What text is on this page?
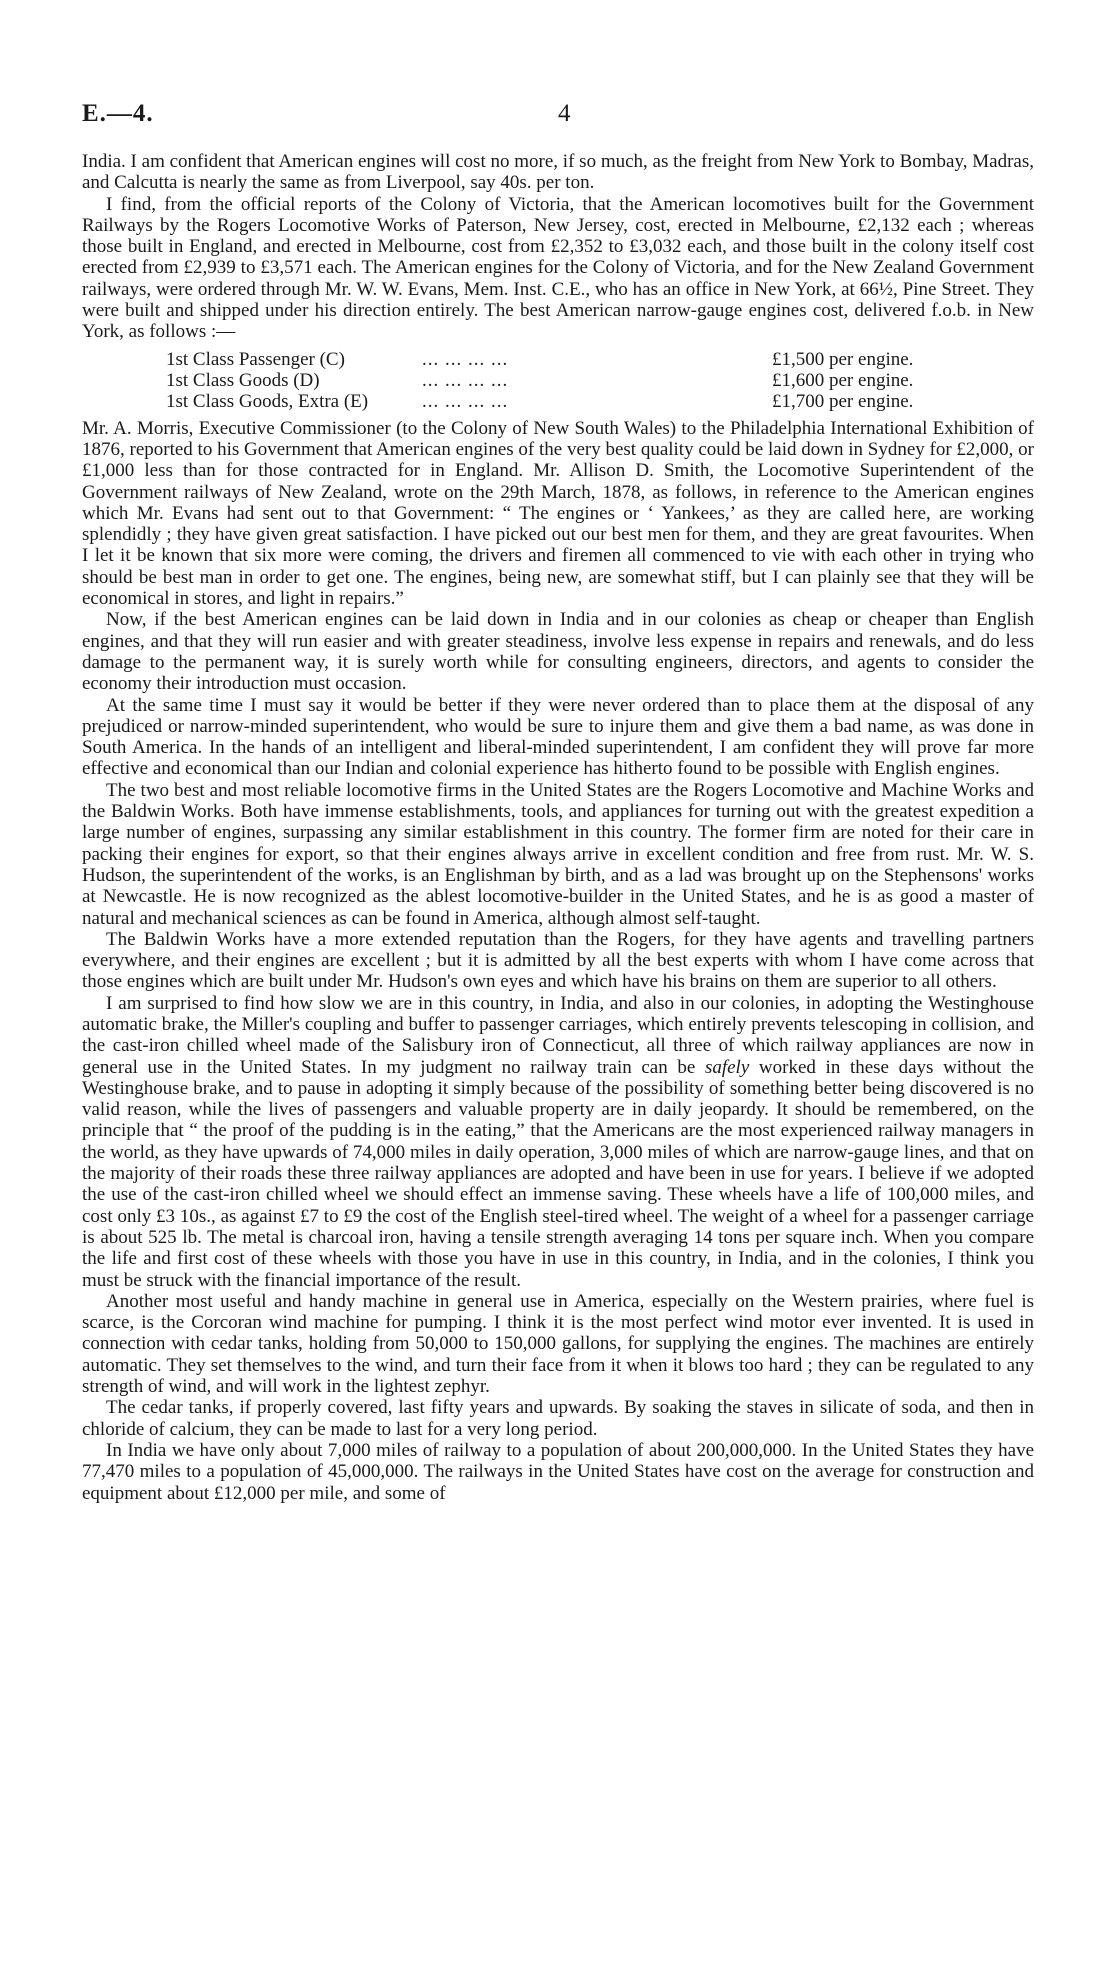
E.—4.	4

India. I am confident that American engines will cost no more, if so much, as the freight from New York to Bombay, Madras, and Calcutta is nearly the same as from Liverpool, say 40s. per ton.

I find, from the official reports of the Colony of Victoria, that the American locomotives built for the Government Railways by the Rogers Locomotive Works of Paterson, New Jersey, cost, erected in Melbourne, £2,132 each ; whereas those built in England, and erected in Melbourne, cost from £2,352 to £3,032 each, and those built in the colony itself cost erected from £2,939 to £3,571 each. The American engines for the Colony of Victoria, and for the New Zealand Government railways, were ordered through Mr. W. W. Evans, Mem. Inst. C.E., who has an office in New York, at 66½, Pine Street. They were built and shipped under his direction entirely. The best American narrow-gauge engines cost, delivered f.o.b. in New York, as follows :—

1st Class Passenger (C)	... ... ... ...	£1,500 per engine.
1st Class Goods (D)	... ... ... ...	£1,600 per engine.
1st Class Goods, Extra (E)	... ... ... ...	£1,700 per engine.

Mr. A. Morris, Executive Commissioner (to the Colony of New South Wales) to the Philadelphia International Exhibition of 1876, reported to his Government that American engines of the very best quality could be laid down in Sydney for £2,000, or £1,000 less than for those contracted for in England. Mr. Allison D. Smith, the Locomotive Superintendent of the Government railways of New Zealand, wrote on the 29th March, 1878, as follows, in reference to the American engines which Mr. Evans had sent out to that Government: “ The engines or ‘ Yankees,’ as they are called here, are working splendidly ; they have given great satisfaction. I have picked out our best men for them, and they are great favourites. When I let it be known that six more were coming, the drivers and firemen all commenced to vie with each other in trying who should be best man in order to get one. The engines, being new, are somewhat stiff, but I can plainly see that they will be economical in stores, and light in repairs.”

Now, if the best American engines can be laid down in India and in our colonies as cheap or cheaper than English engines, and that they will run easier and with greater steadiness, involve less expense in repairs and renewals, and do less damage to the permanent way, it is surely worth while for consulting engineers, directors, and agents to consider the economy their introduction must occasion.

At the same time I must say it would be better if they were never ordered than to place them at the disposal of any prejudiced or narrow-minded superintendent, who would be sure to injure them and give them a bad name, as was done in South America. In the hands of an intelligent and liberal-minded superintendent, I am confident they will prove far more effective and economical than our Indian and colonial experience has hitherto found to be possible with English engines.

The two best and most reliable locomotive firms in the United States are the Rogers Locomotive and Machine Works and the Baldwin Works. Both have immense establishments, tools, and appliances for turning out with the greatest expedition a large number of engines, surpassing any similar establishment in this country. The former firm are noted for their care in packing their engines for export, so that their engines always arrive in excellent condition and free from rust. Mr. W. S. Hudson, the superintendent of the works, is an Englishman by birth, and as a lad was brought up on the Stephensons' works at Newcastle. He is now recognized as the ablest locomotive-builder in the United States, and he is as good a master of natural and mechanical sciences as can be found in America, although almost self-taught.

The Baldwin Works have a more extended reputation than the Rogers, for they have agents and travelling partners everywhere, and their engines are excellent ; but it is admitted by all the best experts with whom I have come across that those engines which are built under Mr. Hudson's own eyes and which have his brains on them are superior to all others.

I am surprised to find how slow we are in this country, in India, and also in our colonies, in adopting the Westinghouse automatic brake, the Miller's coupling and buffer to passenger carriages, which entirely prevents telescoping in collision, and the cast-iron chilled wheel made of the Salisbury iron of Connecticut, all three of which railway appliances are now in general use in the United States. In my judgment no railway train can be safely worked in these days without the Westinghouse brake, and to pause in adopting it simply because of the possibility of something better being discovered is no valid reason, while the lives of passengers and valuable property are in daily jeopardy. It should be remembered, on the principle that “ the proof of the pudding is in the eating,” that the Americans are the most experienced railway managers in the world, as they have upwards of 74,000 miles in daily operation, 3,000 miles of which are narrow-gauge lines, and that on the majority of their roads these three railway appliances are adopted and have been in use for years. I believe if we adopted the use of the cast-iron chilled wheel we should effect an immense saving. These wheels have a life of 100,000 miles, and cost only £3 10s., as against £7 to £9 the cost of the English steel-tired wheel. The weight of a wheel for a passenger carriage is about 525 lb. The metal is charcoal iron, having a tensile strength averaging 14 tons per square inch. When you compare the life and first cost of these wheels with those you have in use in this country, in India, and in the colonies, I think you must be struck with the financial importance of the result.

Another most useful and handy machine in general use in America, especially on the Western prairies, where fuel is scarce, is the Corcoran wind machine for pumping. I think it is the most perfect wind motor ever invented. It is used in connection with cedar tanks, holding from 50,000 to 150,000 gallons, for supplying the engines. The machines are entirely automatic. They set themselves to the wind, and turn their face from it when it blows too hard ; they can be regulated to any strength of wind, and will work in the lightest zephyr.

The cedar tanks, if properly covered, last fifty years and upwards. By soaking the staves in silicate of soda, and then in chloride of calcium, they can be made to last for a very long period.

In India we have only about 7,000 miles of railway to a population of about 200,000,000. In the United States they have 77,470 miles to a population of 45,000,000. The railways in the United States have cost on the average for construction and equipment about £12,000 per mile, and some of
